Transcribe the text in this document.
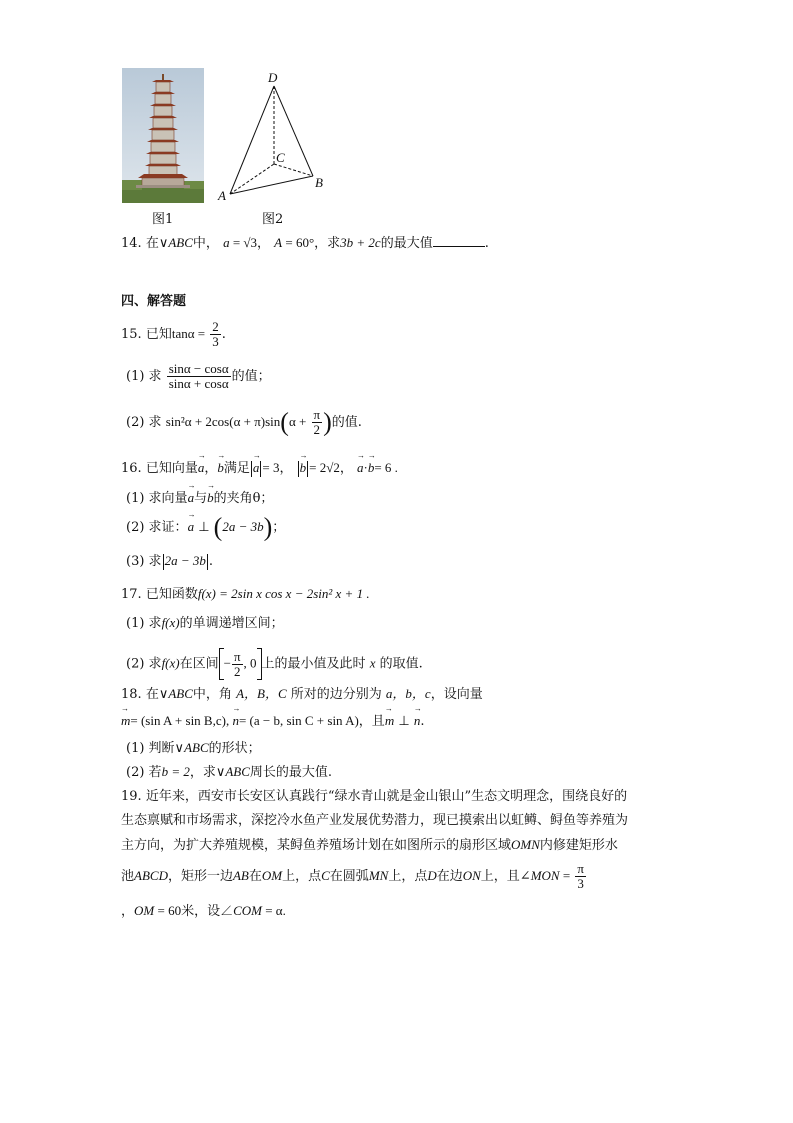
图1
D
C
B
A
图2
14. 在∨ABC中， a = √3， A = 60°，求3b + 2c的最大值	.
四、解答题
15. 已知$\tan\alpha = \frac{2}{3}$ .
(1) 求 $\frac{\sin\alpha - \cos\alpha}{\sin\alpha + \cos\alpha}$ 的值；
(2) 求 $\sin^2\alpha + 2\cos(\alpha + \pi)\sin(\alpha + \frac{\pi}{2}$ )的值.
16. 已知向量→ a，→ b满足 → a = 3， → b = 2√2， → a·→ b= 6 .
(1) 求向量→ a与→ b的夹角θ；
(2) 求证：→ a ⊥ (2a − 3b)；
(3) 求 2a − 3b .
17. 已知函数f(x) = 2sin x cos x − 2sin² x + 1 .
(1) 求f(x)的单调递增区间；
(2) 求f(x)在区间 − $\frac{\pi}{2}$ , 0 上的最小值及此时 x 的取值.
18. 在∨ABC中，角 A，B，C 所对的边分别为 a，b，c，设向量
→ m= (sin A + sin B,c), → n= (a − b, sin C + sin A)，且→ m ⊥ → n.
(1) 判断∨ABC的形状；
(2) 若b = 2，求∨ABC周长的最大值.
19. 近年来，西安市长安区认真践行“绿水青山就是金山银山”生态文明理念，围绕良好的
生态禀赋和市场需求，深挖冷水鱼产业发展优势潜力，现已摸索出以虹鳟、鲟鱼等养殖为
主方向，为扩大养殖规模，某鲟鱼养殖场计划在如图所示的扇形区域OMN内修建矩形水
池ABCD，矩形一边AB在OM上，点C在圆弧MN上，点D在边ON上，且∠MON = $\frac{\pi}{3}$
，OM = 60米，设∠COM = α.
